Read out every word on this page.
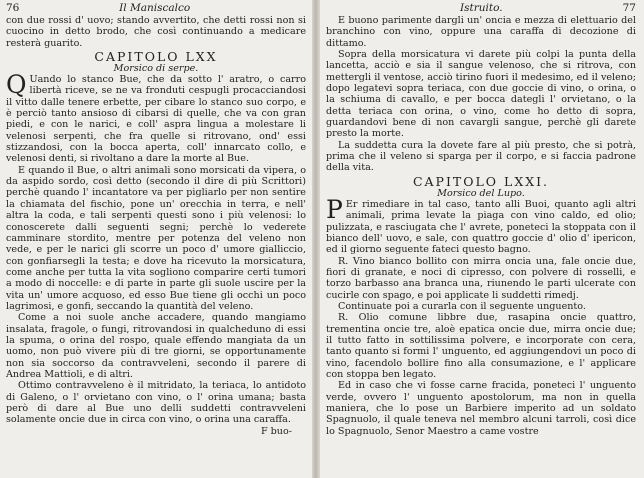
76	Il Maniscalco

con due rossi d' uovo; stando avvertito, che detti rossi non si cuocino in detto brodo, che così continuando a medicare resterà guarito.

CAPITOLO LXX
Morsico di serpe.

QUando lo stanco Bue, che da sotto l' aratro, o carro libertà riceve, se ne va fronduti cespugli procacciandosi il vitto dalle tenere erbette, per cibare lo stanco suo corpo, e è perciò tanto ansioso di cibarsi di quelle, che va con gran piedi, e con le narici, e coll' aspra lingua a molestare li velenosi serpenti, che fra quelle si ritrovano, ond' essi stizzandosi, con la bocca aperta, coll' innarcato collo, e velenosi denti, si rivoltano a dare la morte al Bue.

E quando il Bue, o altri animali sono morsicati da vipera, o da aspido sordo, così detto (secondo il dire di più Scrittori) perchè quando l' incantatore va per pigliarlo per non sentire la chiamata del fischio, pone un' orecchia in terra, e nell' altra la coda, e tali serpenti questi sono i più velenosi: lo conoscerete dalli seguenti segni; perchè lo vederete camminare stordito, mentre per potenza del veleno non vede, e per le narici gli scorre un poco d' umore gialliccio, con gonfiarsegli la testa; e dove ha ricevuto la morsicatura, come anche per tutta la vita sogliono comparire certi tumori a modo di noccelle: e di parte in parte gli suole uscire per la vita un' umore acquoso, ed esso Bue tiene gli occhi un poco lagrimosi, e gonfi, seccando la quantità del veleno.

Come a noi suole anche accadere, quando mangiamo insalata, fragole, o fungi, ritrovandosi in qualcheduno di essi la spuma, o orina del rospo, quale effendo mangiata da un uomo, non può vivere più di tre giorni, se opportunamente non sia soccorso da contravveleni, secondo il parere di Andrea Mattioli, e di altri.

Ottimo contravveleno è il mitridato, la teriaca, lo antidoto di Galeno, o l' orvietano con vino, o l' orina umana; basta però di dare al Bue uno delli suddetti contravveleni solamente oncie due in circa con vino, o orina una caraffa.

F buo-
Istruito.	77

E buono parimente dargli un' oncia e mezza di elettuario del branchino con vino, oppure una caraffa di decozione di dittamo.

Sopra della morsicatura vi darete più colpi la punta della lancetta, acciò e sia il sangue velenoso, che si ritrova, con mettergli il ventose, acciò tirino fuori il medesimo, ed il veleno; dopo legatevi sopra teriaca, con due goccie di vino, o orina, o la schiuma di cavallo, e per bocca dategli l' orvietano, o la detta teriaca con orina, o vino, come ho detto di sopra, guardandovi bene di non cavargli sangue, perchè gli darete presto la morte.

La suddetta cura la dovete fare al più presto, che si potrà, prima che il veleno si sparga per il corpo, e si faccia padrone della vita.

CAPITOLO LXXI.
Morsico del Lupo.

PEr rimediare in tal caso, tanto alli Buoi, quanto agli altri animali, prima levate la piaga con vino caldo, ed olio; pulizzata, e rasciugata che l' avrete, poneteci la stoppata con il bianco dell' uovo, e sale, con quattro goccie d' olio d' ipericon, ed il giorno seguente fateci questo bagno.

R. Vino bianco bollito con mirra oncia una, fale oncie due, fiori di granate, e noci di cipresso, con polvere di rosselli, e torzo barbasso ana branca una, riunendo le parti ulcerate con cucirle con spago, e poi applicate li suddetti rimedj.

Continuate poi a curarla con il seguente unguento.

R. Olio comune libbre due, rasapina oncie quattro, trementina oncie tre, aloè epatica oncie due, mirra oncie due; il tutto fatto in sottilissima polvere, e incorporate con cera, tanto quanto si formi l' unguento, ed aggiungendovi un poco di vino, facendolo bollire fino alla consumazione, e l' applicare con stoppa ben legato.

Ed in caso che vi fosse carne fracida, poneteci l' unguento verde, ovvero l' unguento apostolorum, ma non in quella maniera, che lo pose un Barbiere imperito ad un soldato Spagnuolo, il quale teneva nel membro alcuni tarroli, così dice lo Spagnuolo, Senor Maestro a came vostre
